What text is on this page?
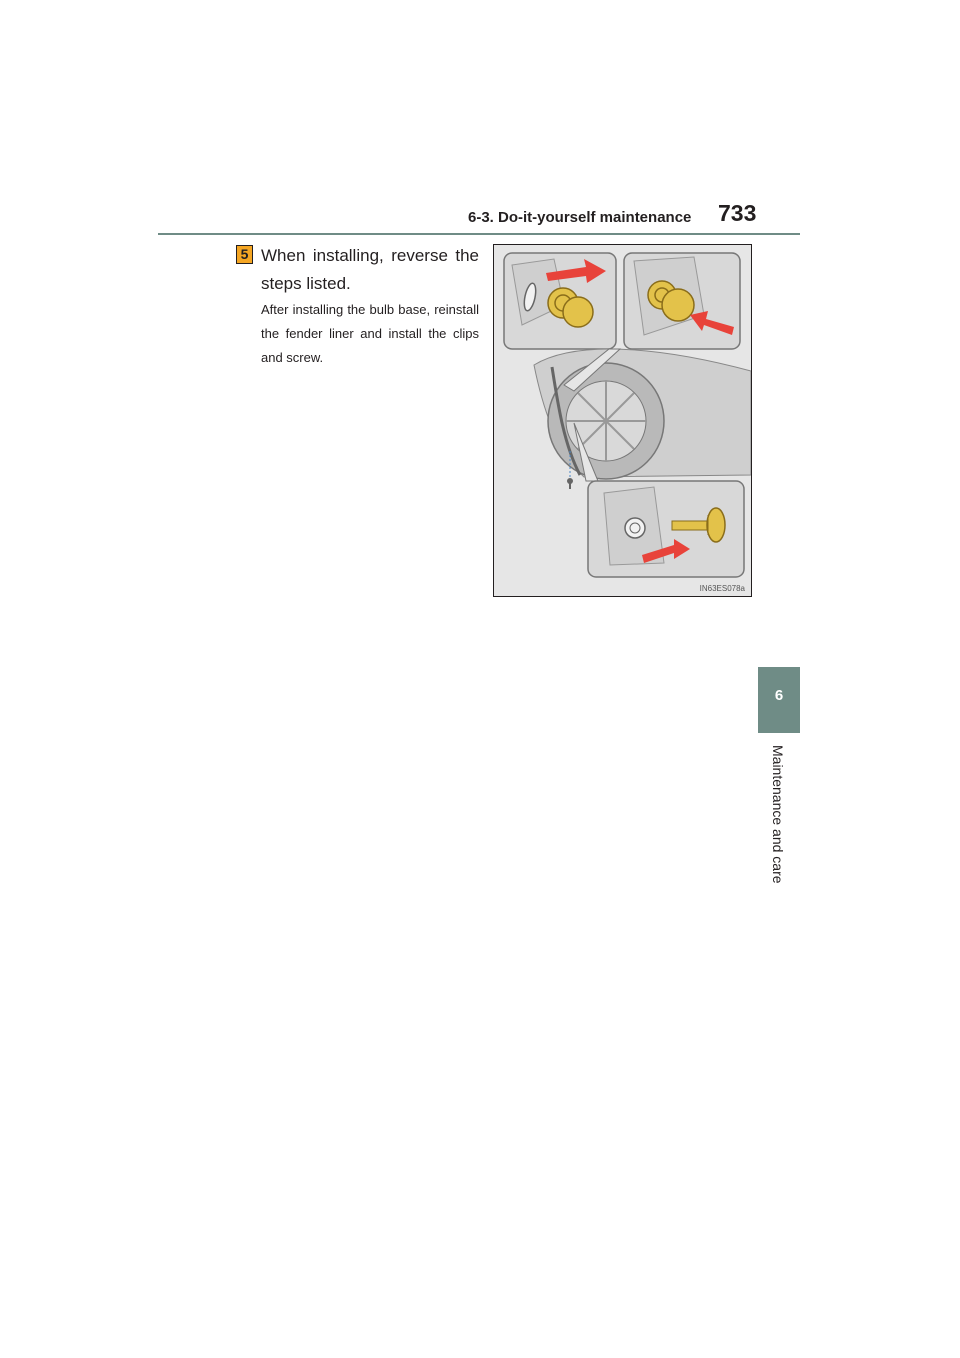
6-3. Do-it-yourself maintenance 733
6
Maintenance and care
5 When installing, reverse the steps listed.
After installing the bulb base, reinstall the fender liner and install the clips and screw.
IN63ES078a
